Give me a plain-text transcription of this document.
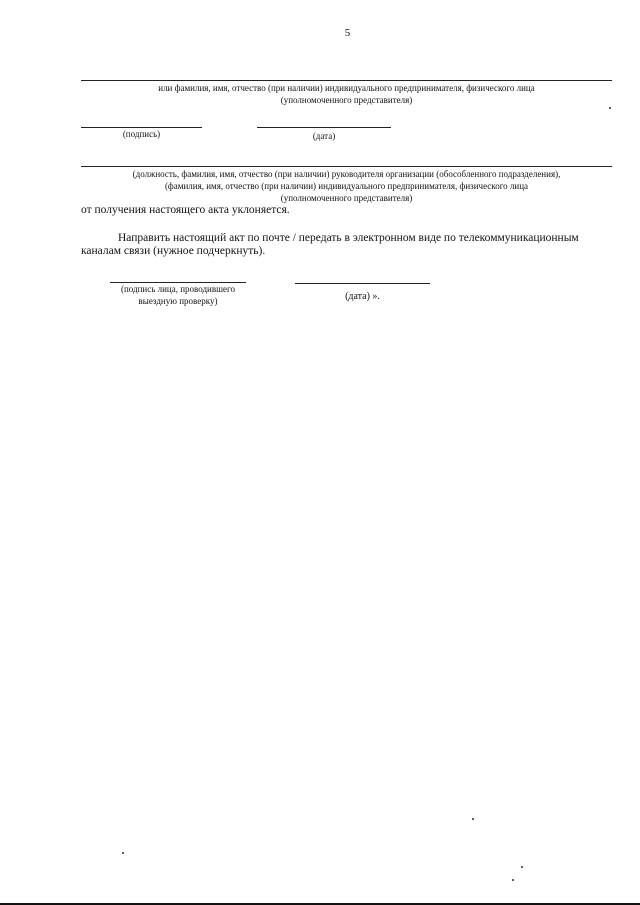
5
или фамилия, имя, отчество (при наличии) индивидуального предпринимателя, физического лица
(уполномоченного представителя)
(подпись)	(дата)
(должность, фамилия, имя, отчество (при наличии) руководителя организации (обособленного подразделения),
(фамилия, имя, отчество (при наличии) индивидуального предпринимателя, физического лица
(уполномоченного представителя)
от получения настоящего акта уклоняется.
Направить настоящий акт по почте / передать в электронном виде по телекоммуникационным
каналам связи (нужное подчеркнуть).
(подпись лица, проводившего
выездную проверку)	(дата) ».
